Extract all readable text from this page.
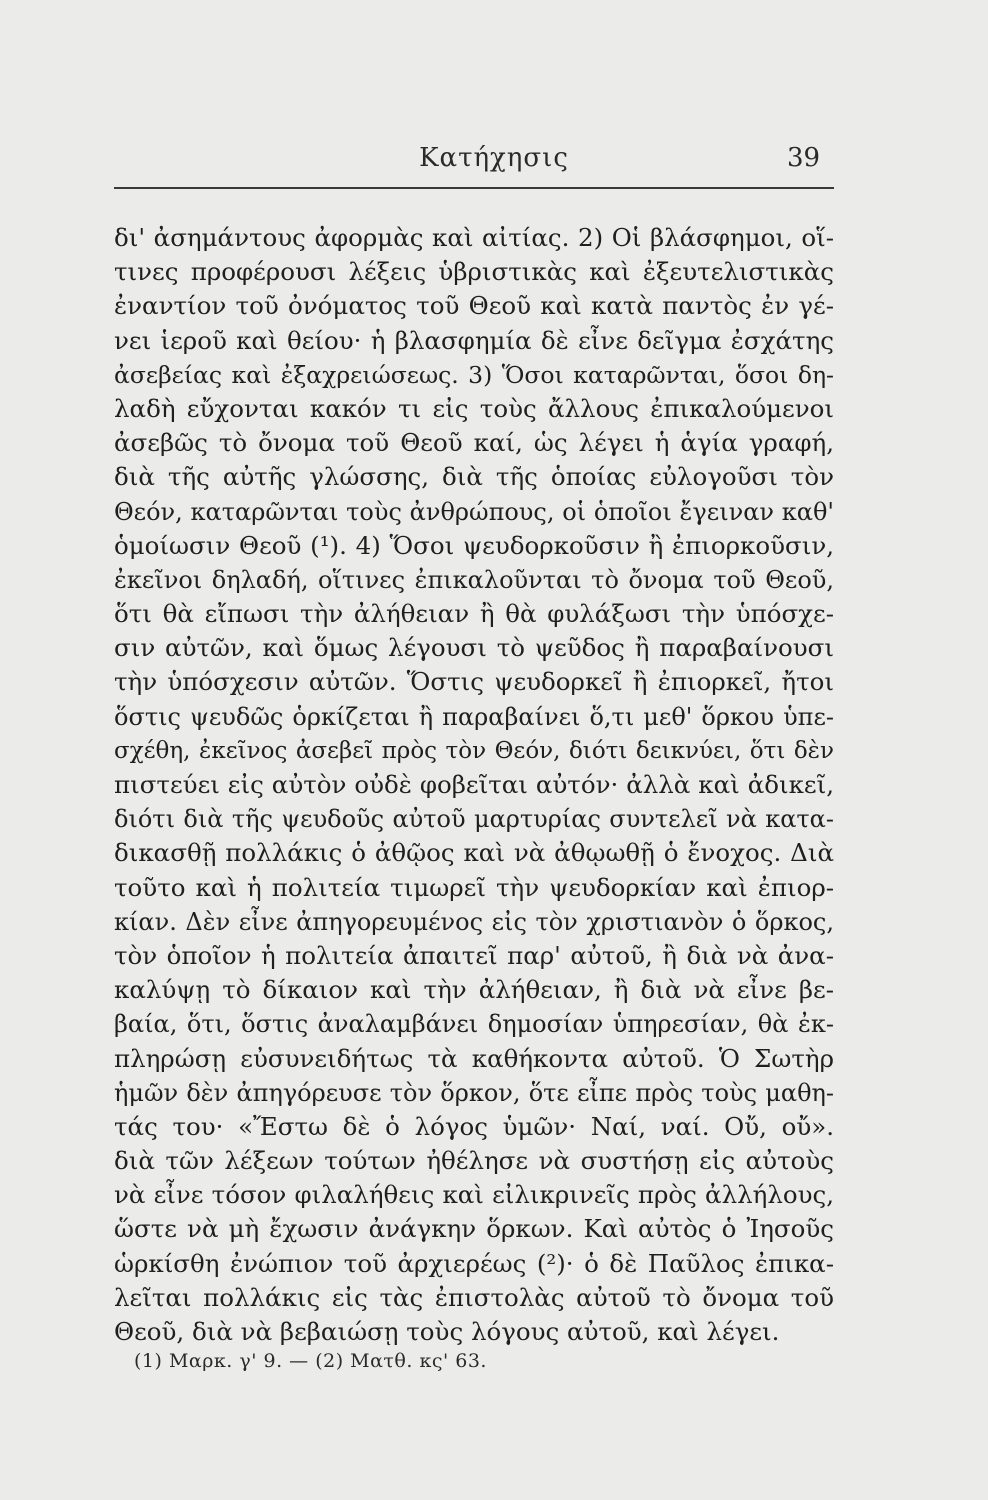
Κατήχησις	39
δι' ἀσημάντους ἀφορμὰς καὶ αἰτίας. 2) Οἱ βλάσφημοι, οἵ-
τινες προφέρουσι λέξεις ὑβριστικὰς καὶ ἐξευτελιστικὰς
ἐναντίον τοῦ ὀνόματος τοῦ Θεοῦ καὶ κατὰ παντὸς ἐν γέ-
νει ἱεροῦ καὶ θείου· ἡ βλασφημία δὲ εἶνε δεῖγμα ἐσχάτης
ἀσεβείας καὶ ἐξαχρειώσεως. 3) Ὅσοι καταρῶνται, ὅσοι δη-
λαδὴ εὔχονται κακόν τι εἰς τοὺς ἄλλους ἐπικαλούμενοι
ἀσεβῶς τὸ ὄνομα τοῦ Θεοῦ καί, ὡς λέγει ἡ ἁγία γραφή,
διὰ τῆς αὐτῆς γλώσσης, διὰ τῆς ὁποίας εὐλογοῦσι τὸν
Θεόν, καταρῶνται τοὺς ἀνθρώπους, οἱ ὁποῖοι ἔγειναν καθ'
ὁμοίωσιν Θεοῦ (¹). 4) Ὅσοι ψευδορκοῦσιν ἢ ἐπιορκοῦσιν,
ἐκεῖνοι δηλαδή, οἵτινες ἐπικαλοῦνται τὸ ὄνομα τοῦ Θεοῦ,
ὅτι θὰ εἴπωσι τὴν ἀλήθειαν ἢ θὰ φυλάξωσι τὴν ὑπόσχε-
σιν αὐτῶν, καὶ ὅμως λέγουσι τὸ ψεῦδος ἢ παραβαίνουσι
τὴν ὑπόσχεσιν αὐτῶν. Ὅστις ψευδορκεῖ ἢ ἐπιορκεῖ, ἤτοι
ὅστις ψευδῶς ὁρκίζεται ἢ παραβαίνει ὅ,τι μεθ' ὅρκου ὑπε-
σχέθη, ἐκεῖνος ἀσεβεῖ πρὸς τὸν Θεόν, διότι δεικνύει, ὅτι δὲν
πιστεύει εἰς αὐτὸν οὐδὲ φοβεῖται αὐτόν· ἀλλὰ καὶ ἀδικεῖ,
διότι διὰ τῆς ψευδοῦς αὐτοῦ μαρτυρίας συντελεῖ νὰ κατα-
δικασθῇ πολλάκις ὁ ἀθῷος καὶ νὰ ἀθῳωθῇ ὁ ἔνοχος. Διὰ
τοῦτο καὶ ἡ πολιτεία τιμωρεῖ τὴν ψευδορκίαν καὶ ἐπιορ-
κίαν. Δὲν εἶνε ἀπηγορευμένος εἰς τὸν χριστιανὸν ὁ ὅρκος,
τὸν ὁποῖον ἡ πολιτεία ἀπαιτεῖ παρ' αὐτοῦ, ἢ διὰ νὰ ἀνα-
καλύψῃ τὸ δίκαιον καὶ τὴν ἀλήθειαν, ἢ διὰ νὰ εἶνε βε-
βαία, ὅτι, ὅστις ἀναλαμβάνει δημοσίαν ὑπηρεσίαν, θὰ ἐκ-
πληρώσῃ εὐσυνειδήτως τὰ καθήκοντα αὐτοῦ. Ὁ Σωτὴρ
ἡμῶν δὲν ἀπηγόρευσε τὸν ὅρκον, ὅτε εἶπε πρὸς τοὺς μαθη-
τάς του· «Ἔστω δὲ ὁ λόγος ὑμῶν· Ναί, ναί. Οὔ, οὔ».
διὰ τῶν λέξεων τούτων ἠθέλησε νὰ συστήσῃ εἰς αὐτοὺς
νὰ εἶνε τόσον φιλαλήθεις καὶ εἰλικρινεῖς πρὸς ἀλλήλους,
ὥστε νὰ μὴ ἔχωσιν ἀνάγκην ὅρκων. Καὶ αὐτὸς ὁ Ἰησοῦς
ὡρκίσθη ἐνώπιον τοῦ ἀρχιερέως (²)· ὁ δὲ Παῦλος ἐπικα-
λεῖται πολλάκις εἰς τὰς ἐπιστολὰς αὐτοῦ τὸ ὄνομα τοῦ
Θεοῦ, διὰ νὰ βεβαιώσῃ τοὺς λόγους αὐτοῦ, καὶ λέγει.
(1) Μαρκ. γ' 9. — (2) Ματθ. κς' 63.
